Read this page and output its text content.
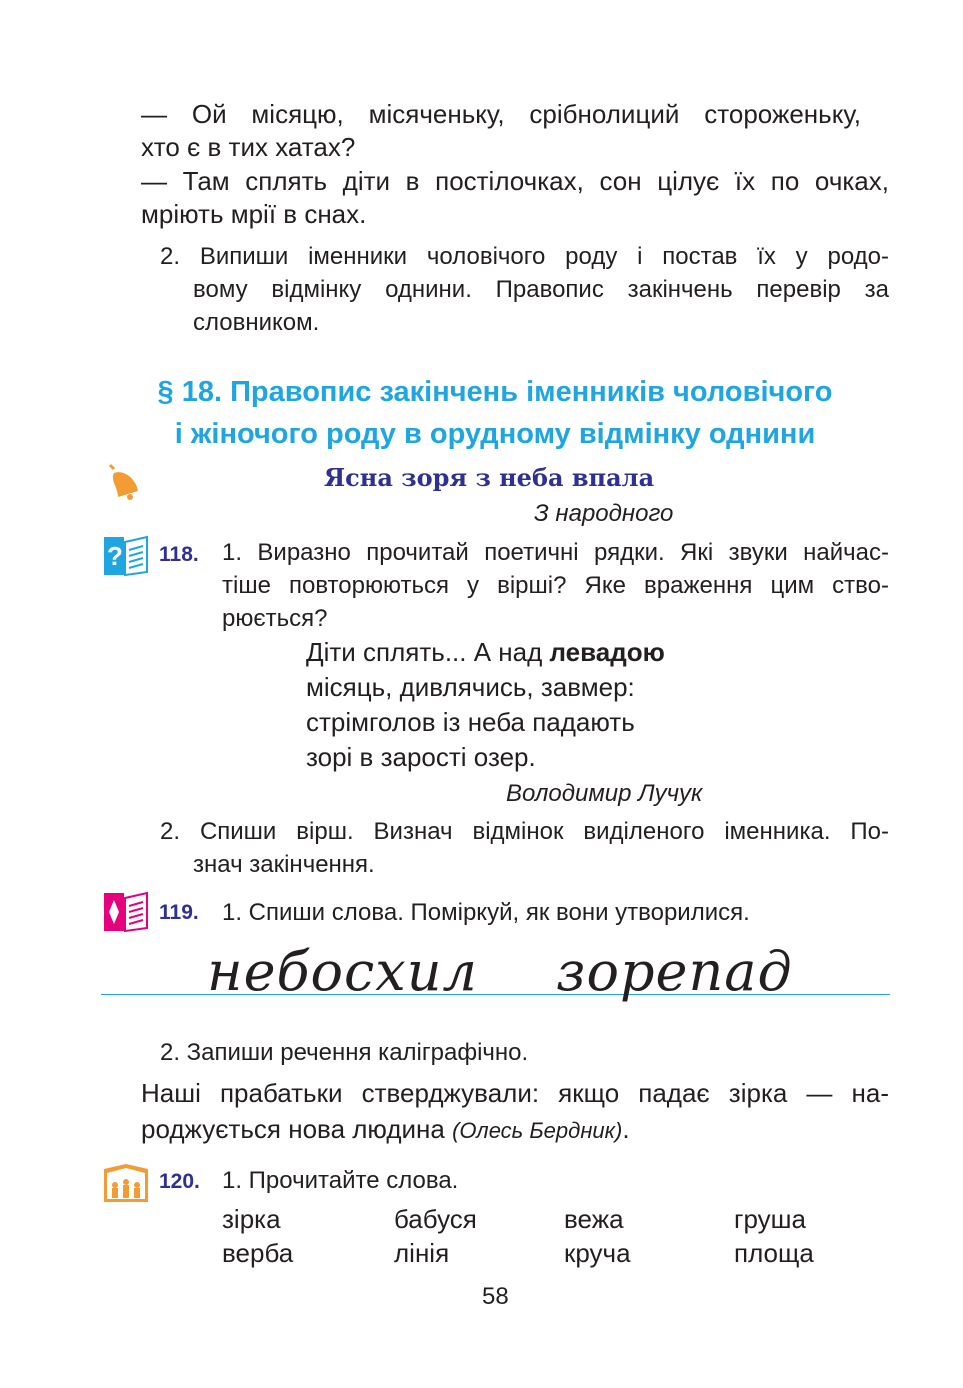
— Ой місяцю, місяченьку, срібнолиций стороженьку,
хто є в тих хатах?
— Там сплять діти в постілочках, сон цілує їх по очках,
мріють мрії в снах.
2. Випиши іменники чоловічого роду і постав їх у родо-
вому відмінку однини. Правопис закінчень перевір за
словником.
§ 18. Правопис закінчень іменників чоловічого
і жіночого роду в орудному відмінку однини
Ясна зоря з неба впала
З народного
? 118. 1. Виразно прочитай поетичні рядки. Які звуки найчас-
тіше повторюються у вірші? Яке враження цим ство-
рюється?
Діти сплять... А над левадою
місяць, дивлячись, завмер:
стрімголов із неба падають
зорі в зарості озер.
Володимир Лучук
2. Спиши вірш. Визнач відмінок виділеного іменника. По-
знач закінчення.
119. 1. Спиши слова. Поміркуй, як вони утворилися.
небосхил зорепад
2. Запиши речення каліграфічно.
Наші прабатьки стверджували: якщо падає зірка — на-
роджується нова людина (Олесь Бердник).
120. 1. Прочитайте слова.
зірка	бабуся	вежа	груша
верба	лінія	круча	площа
58
